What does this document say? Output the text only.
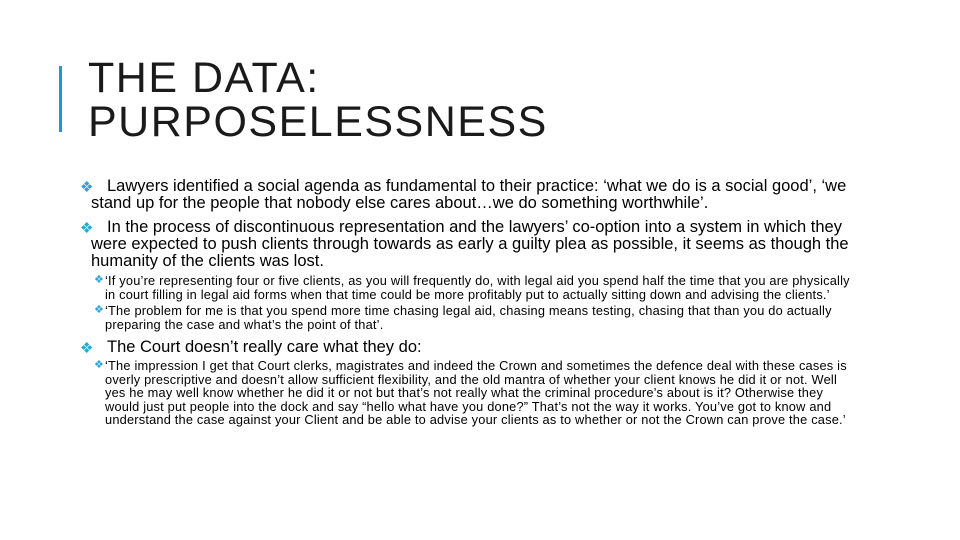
THE DATA:
PURPOSELESSNESS

❖ Lawyers identified a social agenda as fundamental to their practice: ‘what we do is a social good’, ‘we stand up for the people that nobody else cares about…we do something worthwhile’.

❖ In the process of discontinuous representation and the lawyers’ co-option into a system in which they were expected to push clients through towards as early a guilty plea as possible, it seems as though the humanity of the clients was lost.

❖ ‘If you’re representing four or five clients, as you will frequently do, with legal aid you spend half the time that you are physically in court filling in legal aid forms when that time could be more profitably put to actually sitting down and advising the clients.’

❖ ‘The problem for me is that you spend more time chasing legal aid, chasing means testing, chasing that than you do actually preparing the case and what’s the point of that’.

❖ The Court doesn’t really care what they do:

❖ ‘The impression I get that Court clerks, magistrates and indeed the Crown and sometimes the defence deal with these cases is overly prescriptive and doesn’t allow sufficient flexibility, and the old mantra of whether your client knows he did it or not. Well yes he may well know whether he did it or not but that’s not really what the criminal procedure’s about is it? Otherwise they would just put people into the dock and say “hello what have you done?” That’s not the way it works. You’ve got to know and understand the case against your Client and be able to advise your clients as to whether or not the Crown can prove the case.’
